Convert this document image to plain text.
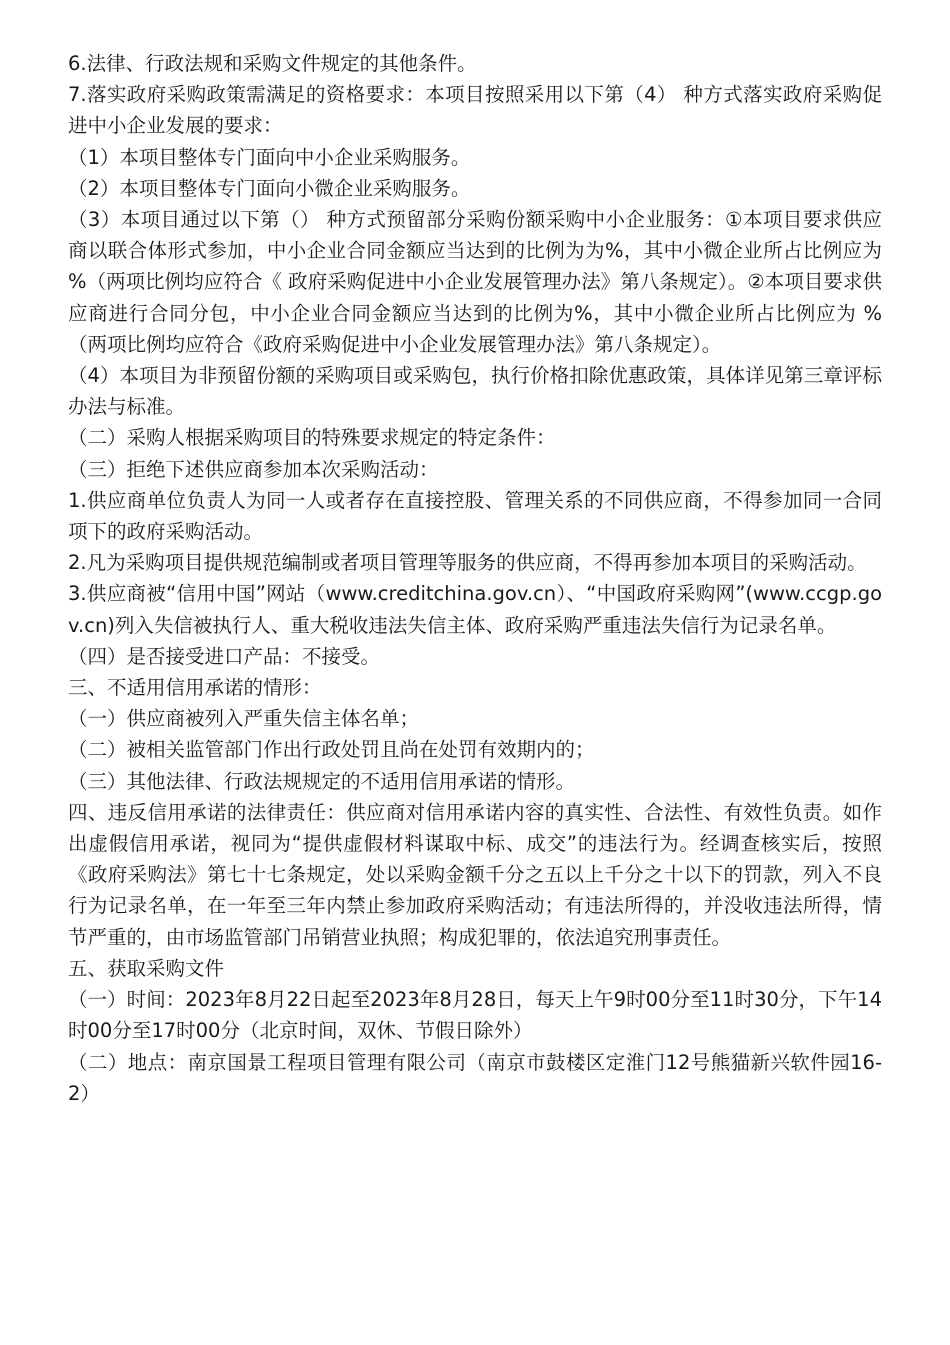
6.法律、行政法规和采购文件规定的其他条件。

7.落实政府采购政策需满足的资格要求：本项目按照采用以下第（4） 种方式落实政府采购促进中小企业发展的要求：

（1）本项目整体专门面向中小企业采购服务。

（2）本项目整体专门面向小微企业采购服务。

（3）本项目通过以下第（） 种方式预留部分采购份额采购中小企业服务：①本项目要求供应商以联合体形式参加，中小企业合同金额应当达到的比例为为%，其中小微企业所占比例应为 %（两项比例均应符合《 政府采购促进中小企业发展管理办法》第八条规定）。②本项目要求供应商进行合同分包，中小企业合同金额应当达到的比例为%，其中小微企业所占比例应为 %（两项比例均应符合《政府采购促进中小企业发展管理办法》第八条规定）。

（4）本项目为非预留份额的采购项目或采购包，执行价格扣除优惠政策，具体详见第三章评标办法与标准。

（二）采购人根据采购项目的特殊要求规定的特定条件：

（三）拒绝下述供应商参加本次采购活动：

1.供应商单位负责人为同一人或者存在直接控股、管理关系的不同供应商，不得参加同一合同项下的政府采购活动。

2.凡为采购项目提供规范编制或者项目管理等服务的供应商，不得再参加本项目的采购活动。

3.供应商被“信用中国”网站（www.creditchina.gov.cn）、“中国政府采购网”(www.ccgp.gov.cn)列入失信被执行人、重大税收违法失信主体、政府采购严重违法失信行为记录名单。

（四）是否接受进口产品：不接受。

三、不适用信用承诺的情形：

（一）供应商被列入严重失信主体名单；

（二）被相关监管部门作出行政处罚且尚在处罚有效期内的；

（三）其他法律、行政法规规定的不适用信用承诺的情形。

四、违反信用承诺的法律责任：供应商对信用承诺内容的真实性、合法性、有效性负责。如作出虚假信用承诺，视同为“提供虚假材料谋取中标、成交”的违法行为。经调查核实后，按照《政府采购法》第七十七条规定，处以采购金额千分之五以上千分之十以下的罚款，列入不良行为记录名单，在一年至三年内禁止参加政府采购活动；有违法所得的，并没收违法所得，情节严重的，由市场监管部门吊销营业执照；构成犯罪的，依法追究刑事责任。

五、获取采购文件

（一）时间：2023年8月22日起至2023年8月28日，每天上午9时00分至11时30分，下午14时00分至17时00分（北京时间，双休、节假日除外）

（二）地点：南京国景工程项目管理有限公司（南京市鼓楼区定淮门12号熊猫新兴软件园16-2）
